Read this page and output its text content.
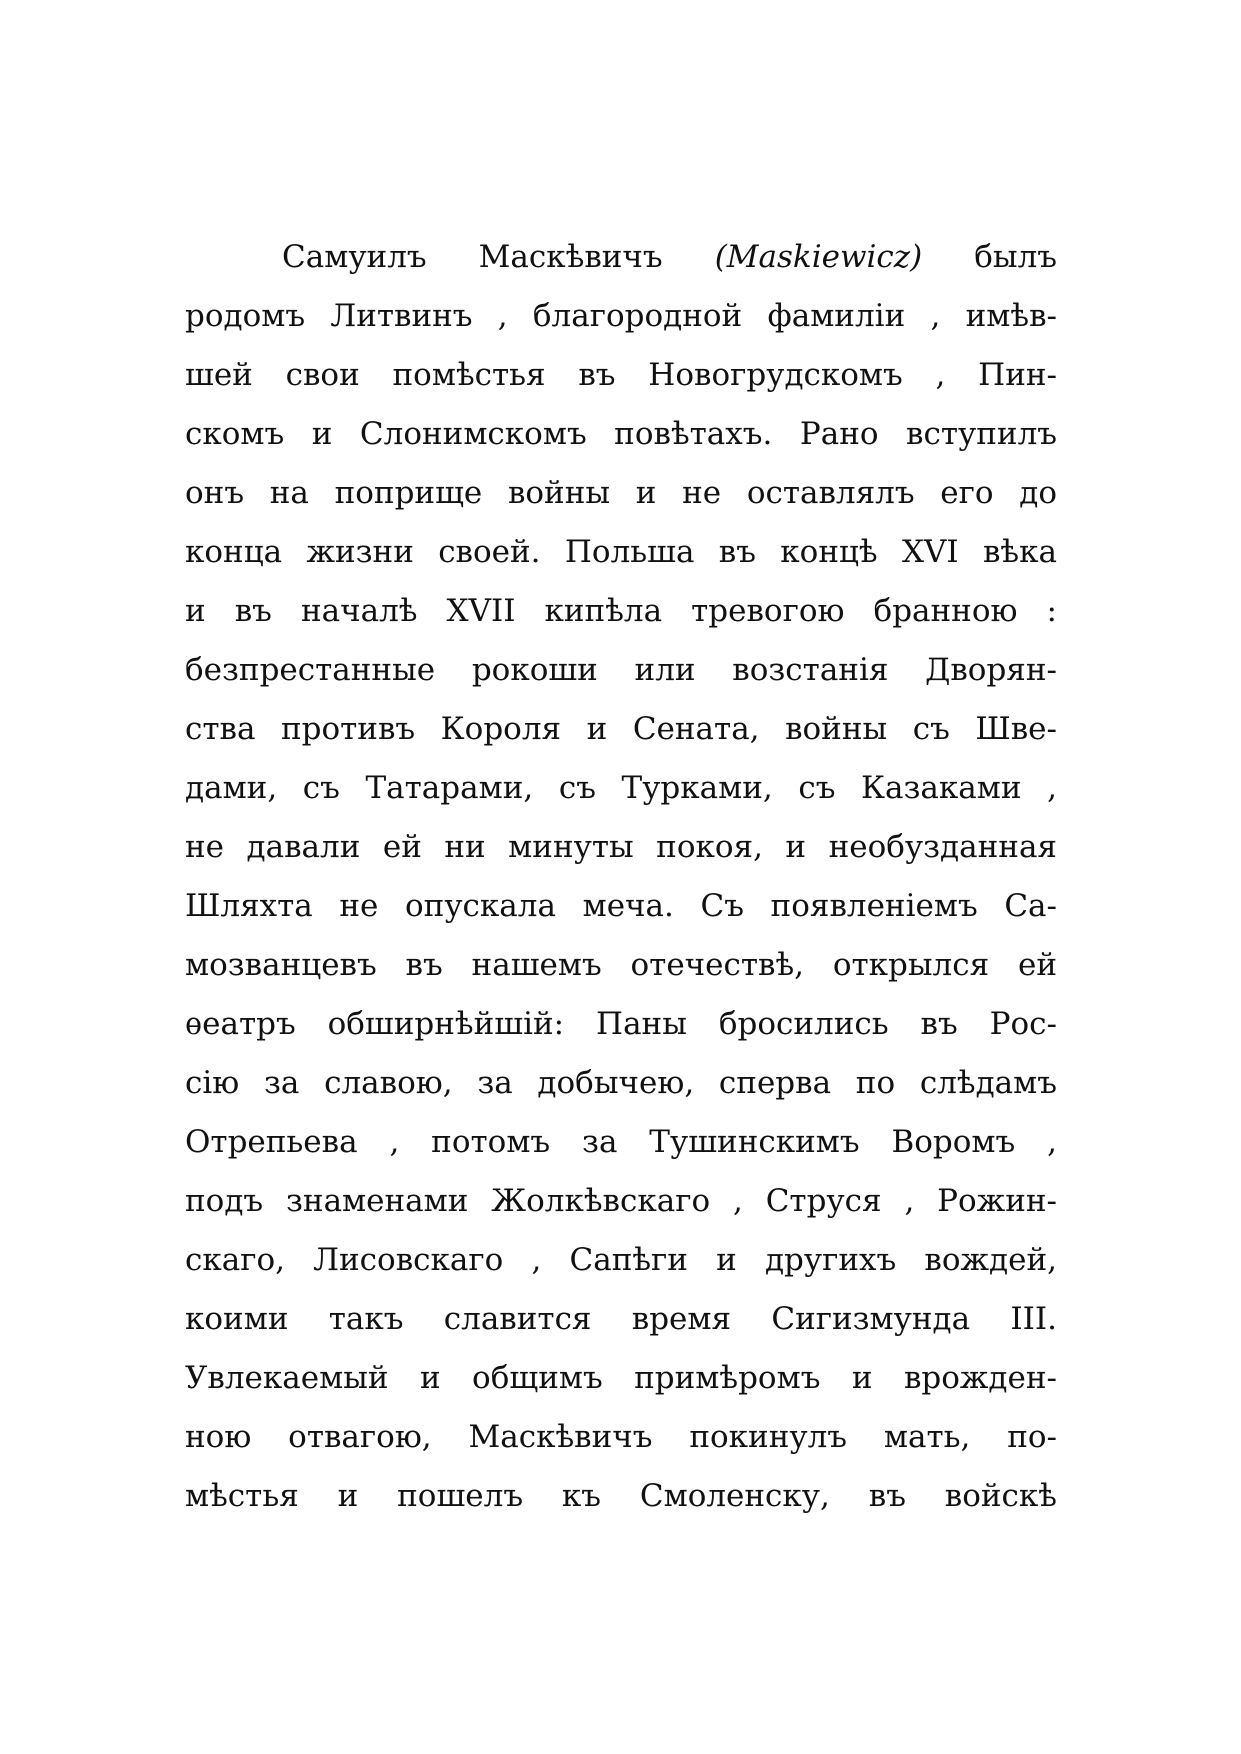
Самуилъ Маскѣвичъ (Maskiewicz) былъ
родомъ Литвинъ , благородной фамиліи , имѣв-
шей свои помѣстья въ Новогрудскомъ , Пин-
скомъ и Слонимскомъ повѣтахъ. Рано вступилъ
онъ на поприще войны и не оставлялъ его до
конца жизни своей. Польша въ концѣ XVI вѣка
и въ началѣ XVII кипѣла тревогою бранною :
безпрестанные рокоши или возстанія Дворян-
ства противъ Короля и Сената, войны съ Шве-
дами, съ Татарами, съ Турками, съ Казаками ,
не давали ей ни минуты покоя, и необузданная
Шляхта не опускала меча. Съ появленіемъ Са-
мозванцевъ въ нашемъ отечествѣ, открылся ей
ѳеатръ обширнѣйшій: Паны бросились въ Рос-
сію за славою, за добычею, сперва по слѣдамъ
Отрепьева , потомъ за Тушинскимъ Воромъ ,
подъ знаменами Жолкѣвскаго , Струся , Рожин-
скаго, Лисовскаго , Сапѣги и другихъ вождей,
коими такъ славится время Сигизмунда III.
Увлекаемый и общимъ примѣромъ и врожден-
ною отвагою, Маскѣвичъ покинулъ мать, по-
мѣстья и пошелъ къ Смоленску, въ войскѣ
